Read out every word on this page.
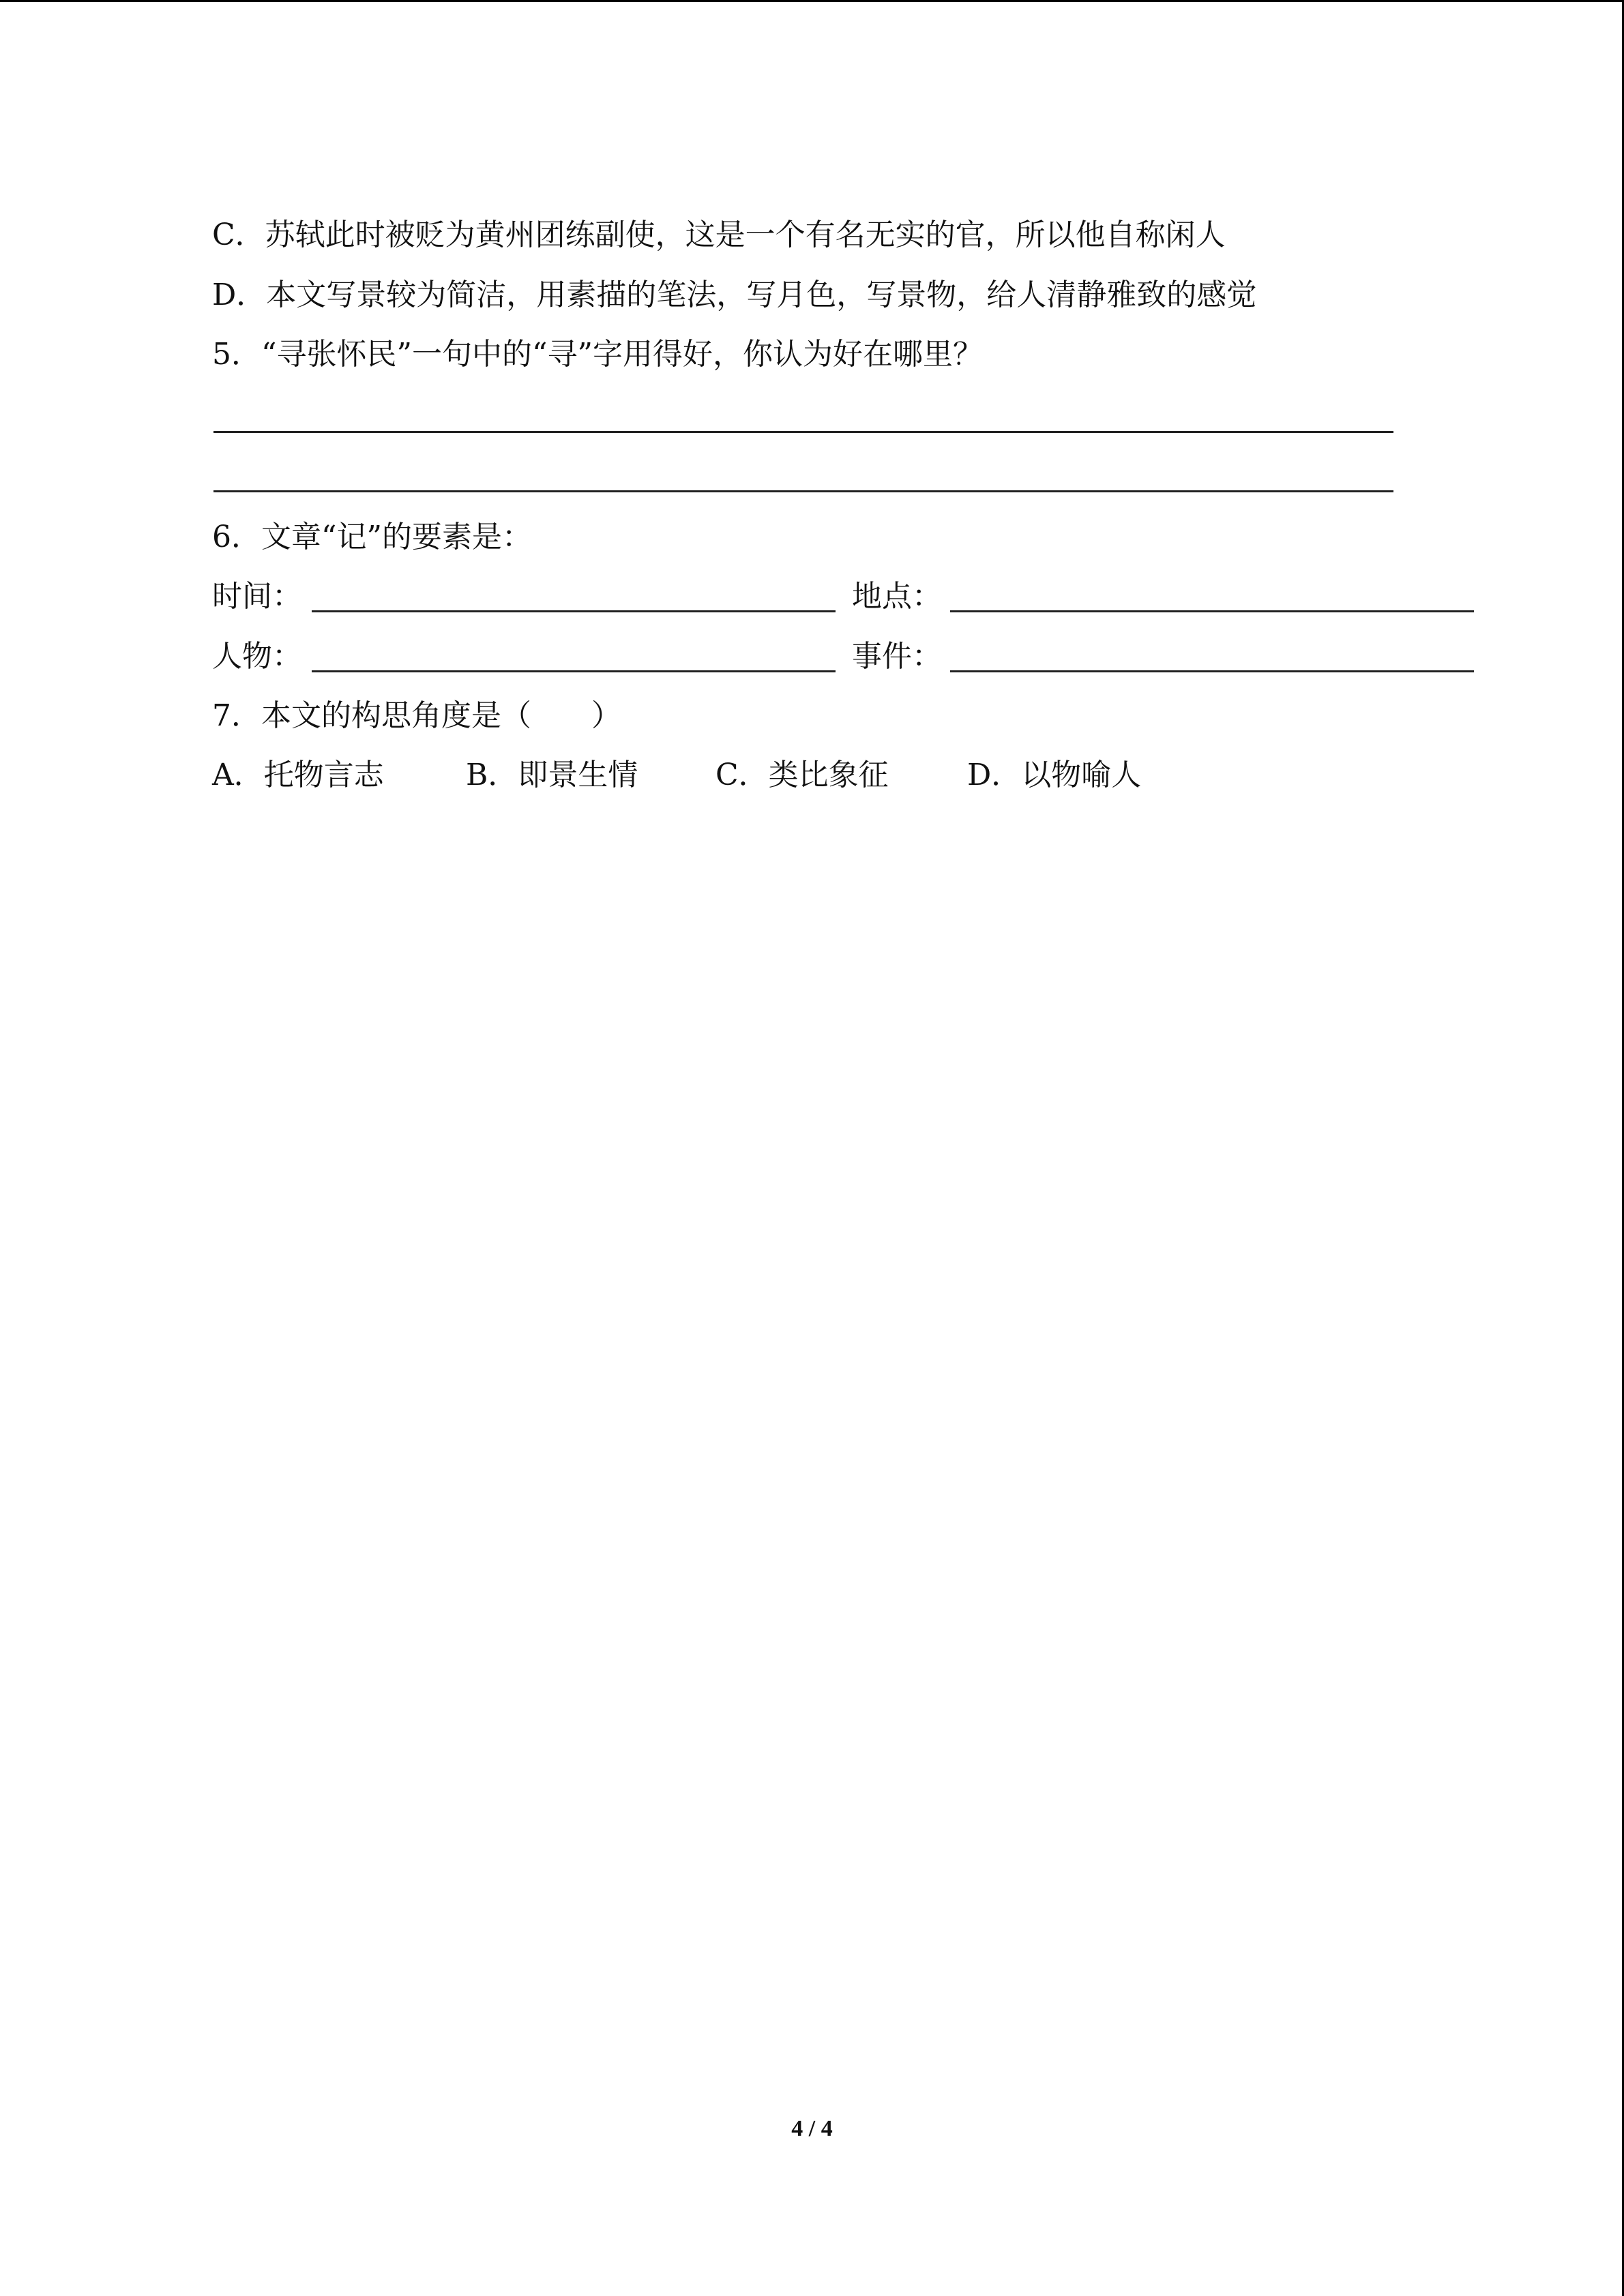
C．苏轼此时被贬为黄州团练副使，这是一个有名无实的官，所以他自称闲人
D．本文写景较为简洁，用素描的笔法，写月色，写景物，给人清静雅致的感觉
5．“寻张怀民”一句中的“寻”字用得好，你认为好在哪里？
6．文章“记”的要素是：
时间：	地点：
人物：	事件：
7．本文的构思角度是（　　）
A．托物言志	B．即景生情	C．类比象征	D．以物喻人
4 / 4
